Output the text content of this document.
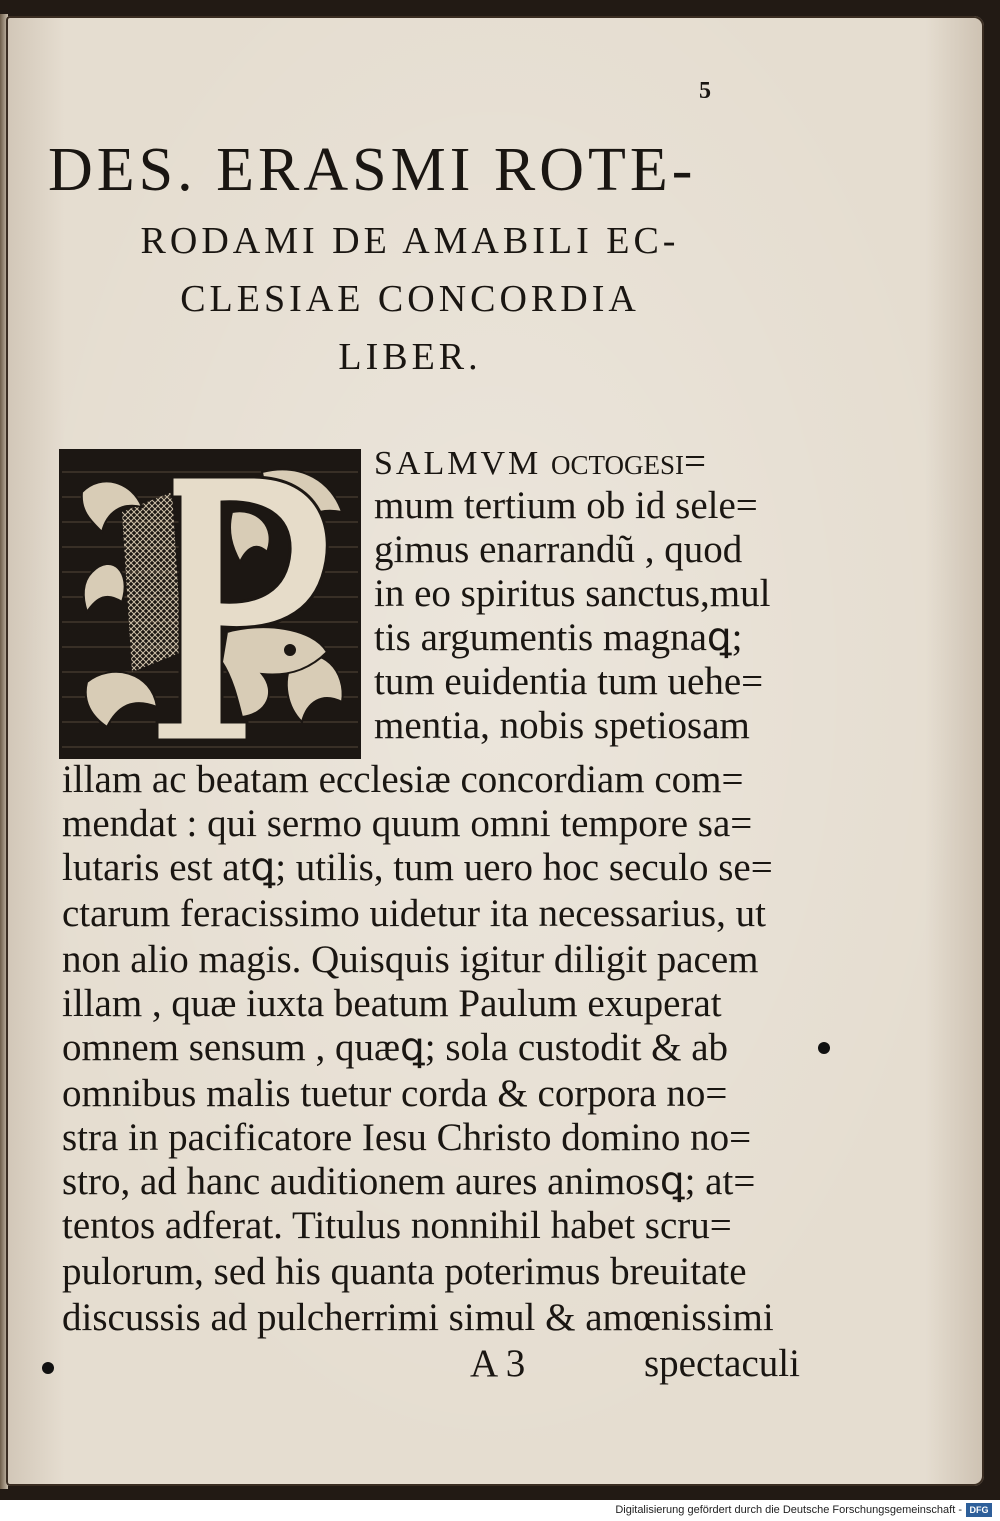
5
DES. ERASMI ROTE-
RODAMI DE AMABILI EC-
CLESIAE CONCORDIA
LIBER.
SALMVM octogesi=
mum tertium ob id sele=
gimus enarrandũ , quod
in eo spiritus sanctus,mul
tis argumentis magnaꝗ;
tum euidentia tum uehe=
mentia, nobis spetiosam
illam ac beatam ecclesiæ concordiam com=
mendat : qui sermo quum omni tempore sa=
lutaris est atꝗ; utilis, tum uero hoc seculo se=
ctarum feracissimo uidetur ita necessarius, ut
non alio magis. Quisquis igitur diligit pacem
illam , quæ iuxta beatum Paulum exuperat
omnem sensum , quæꝗ; sola custodit & ab
omnibus malis tuetur corda & corpora no=
stra in pacificatore Iesu Christo domino no=
stro, ad hanc auditionem aures animosꝗ; at=
tentos adferat. Titulus nonnihil habet scru=
pulorum, sed his quanta poterimus breuitate
discussis ad pulcherrimi simul & amœnissimi
A 3	spectaculi
Digitalisierung gefördert durch die Deutsche Forschungsgemeinschaft - DFG
